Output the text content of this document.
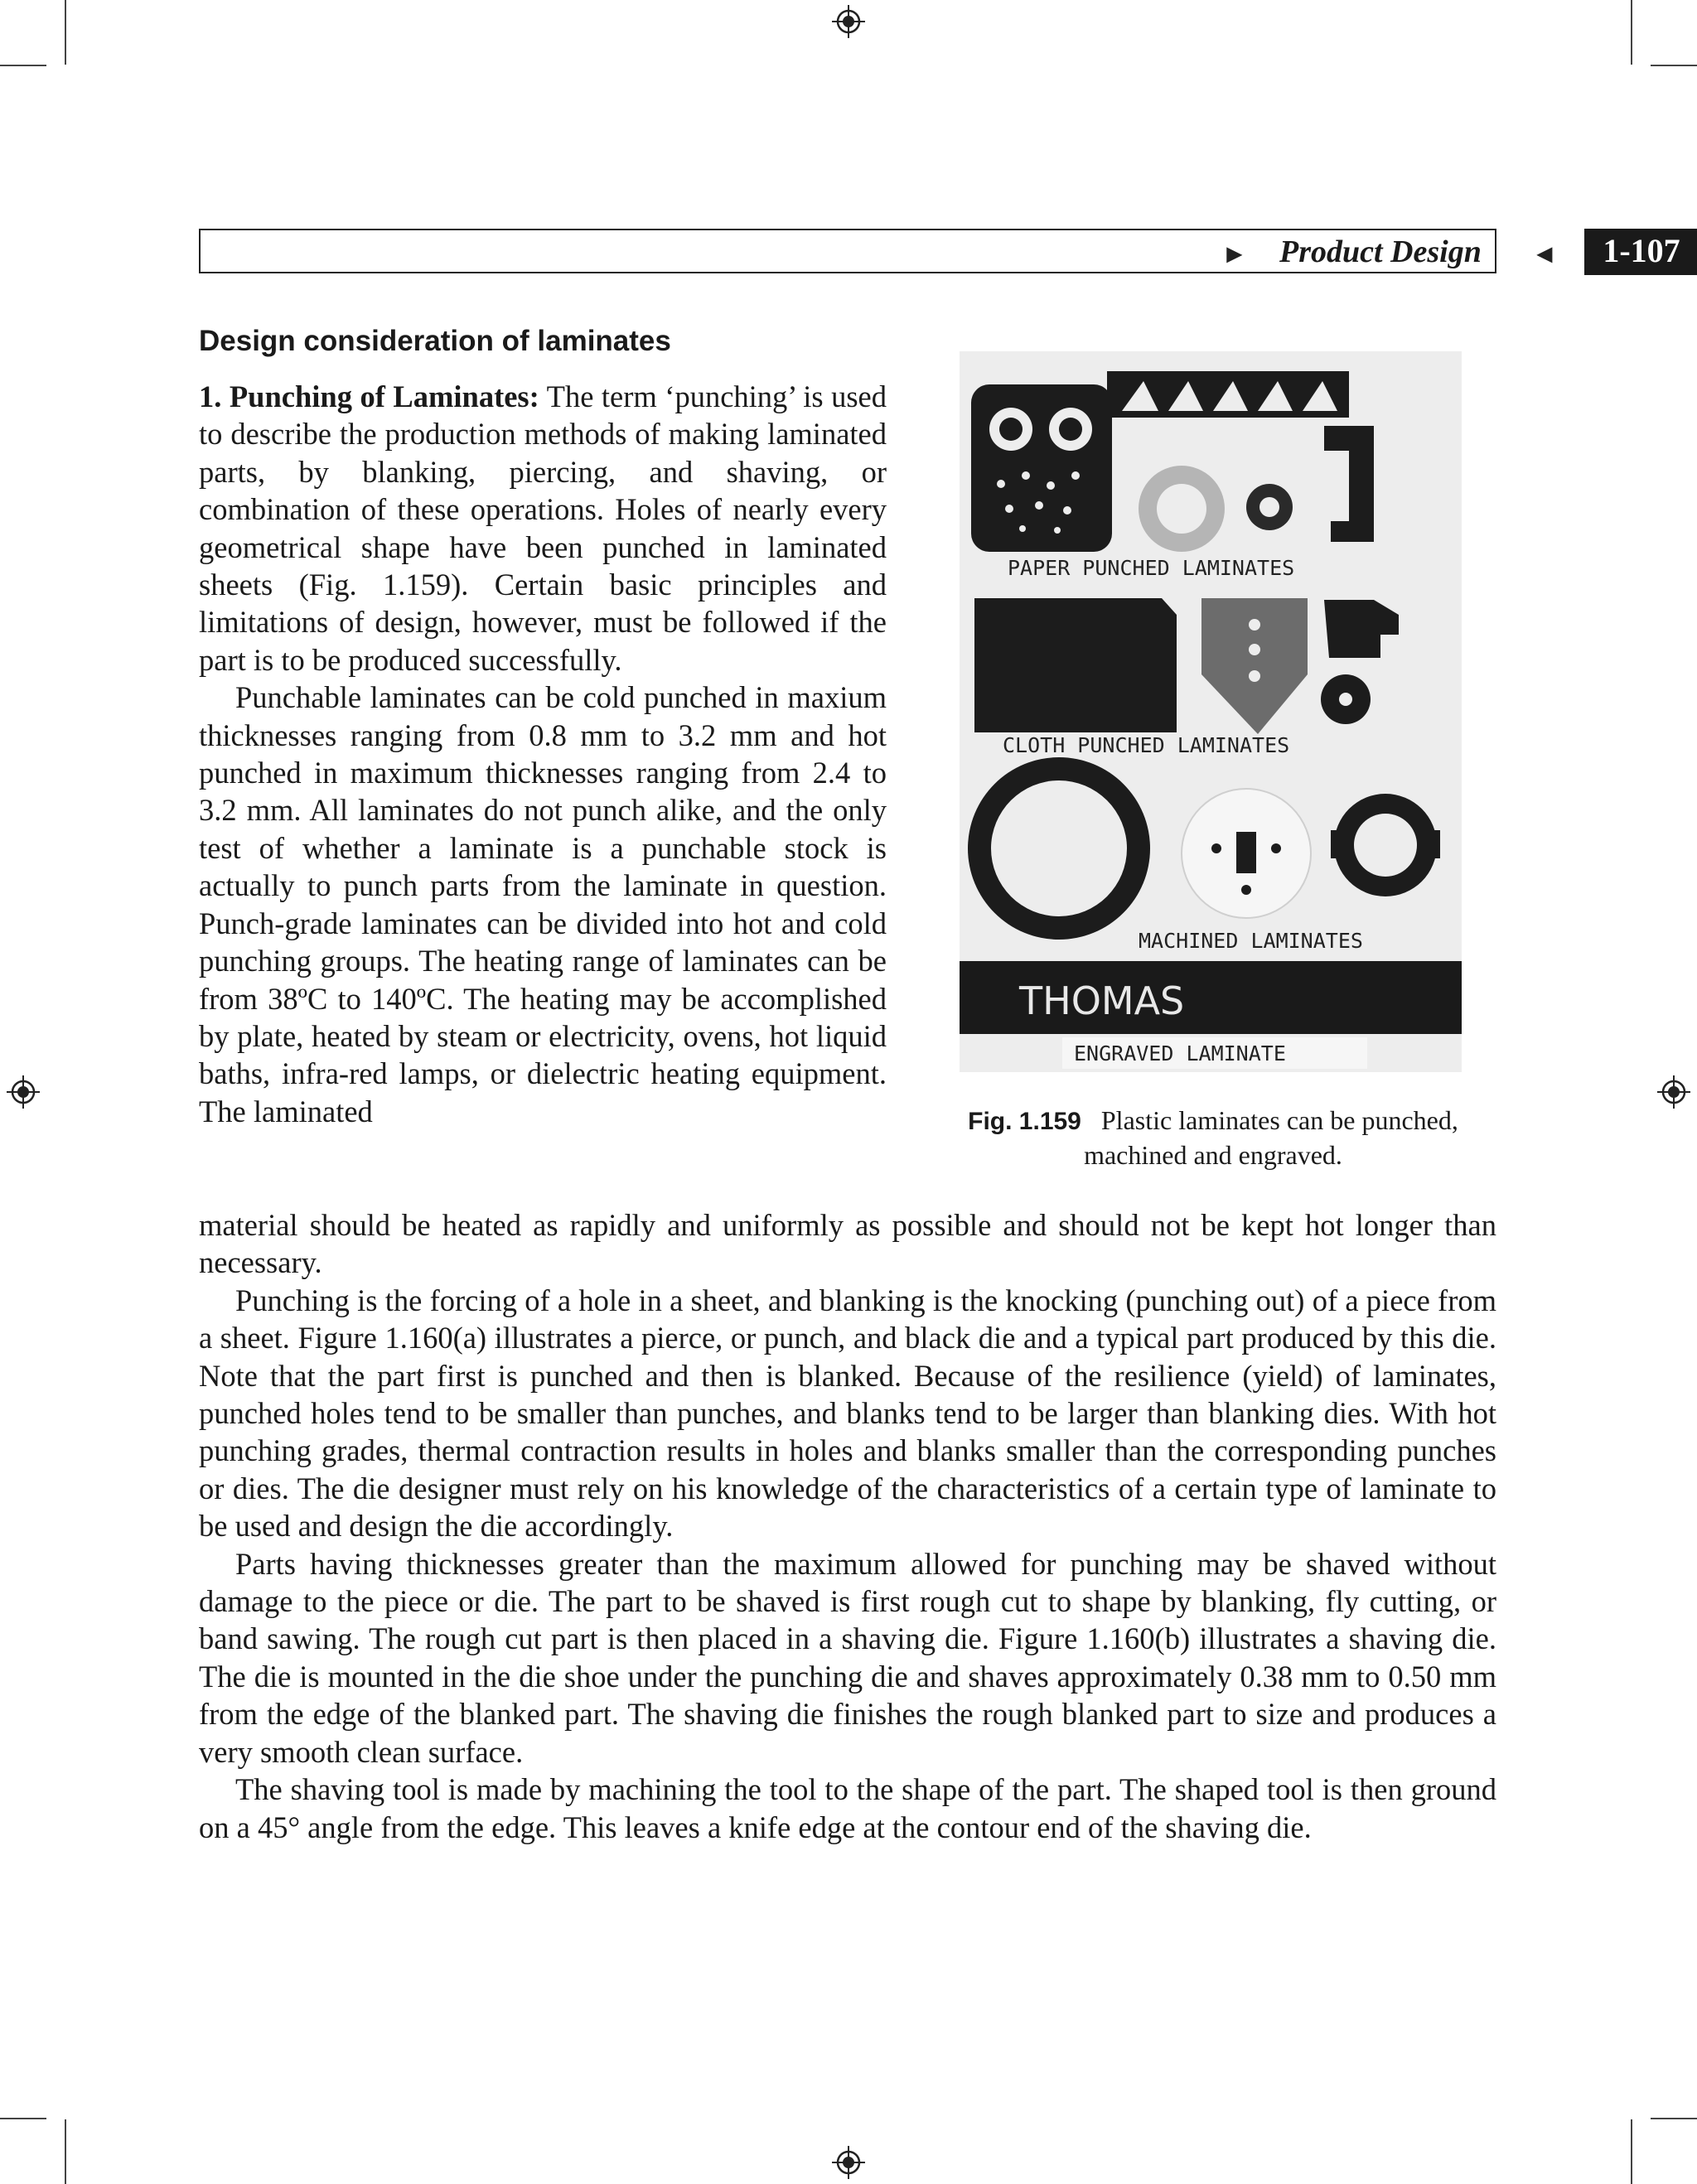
► Product Design ◄	1-107
Design consideration of laminates

1. Punching of Laminates: The term ‘punching’ is used to describe the production methods of making laminated parts, by blanking, piercing, and shaving, or combination of these operations. Holes of nearly every geometrical shape have been punched in laminated sheets (Fig. 1.159). Certain basic principles and limitations of design, however, must be followed if the part is to be produced successfully.

Punchable laminates can be cold punched in maxium thicknesses ranging from 0.8 mm to 3.2 mm and hot punched in maximum thicknesses ranging from 2.4 to 3.2 mm. All laminates do not punch alike, and the only test of whether a laminate is a punchable stock is actually to punch parts from the laminate in question. Punch-grade laminates can be divided into hot and cold punching groups. The heating range of laminates can be from 38ºC to 140ºC. The heating may be accomplished by plate, heated by steam or electricity, ovens, hot liquid baths, infra-red lamps, or dielectric heating equipment. The laminated

PAPER PUNCHED LAMINATES
CLOTH PUNCHED LAMINATES
MACHINED LAMINATES
THOMAS
ENGRAVED LAMINATE
Fig. 1.159 Plastic laminates can be punched, machined and engraved.

material should be heated as rapidly and uniformly as possible and should not be kept hot longer than necessary.

Punching is the forcing of a hole in a sheet, and blanking is the knocking (punching out) of a piece from a sheet. Figure 1.160(a) illustrates a pierce, or punch, and black die and a typical part produced by this die. Note that the part first is punched and then is blanked. Because of the resilience (yield) of laminates, punched holes tend to be smaller than punches, and blanks tend to be larger than blanking dies. With hot punching grades, thermal contraction results in holes and blanks smaller than the corresponding punches or dies. The die designer must rely on his knowledge of the characteristics of a certain type of laminate to be used and design the die accordingly.

Parts having thicknesses greater than the maximum allowed for punching may be shaved without damage to the piece or die. The part to be shaved is first rough cut to shape by blanking, fly cutting, or band sawing. The rough cut part is then placed in a shaving die. Figure 1.160(b) illustrates a shaving die. The die is mounted in the die shoe under the punching die and shaves approximately 0.38 mm to 0.50 mm from the edge of the blanked part. The shaving die finishes the rough blanked part to size and produces a very smooth clean surface.

The shaving tool is made by machining the tool to the shape of the part. The shaped tool is then ground on a 45° angle from the edge. This leaves a knife edge at the contour end of the shaving die.
